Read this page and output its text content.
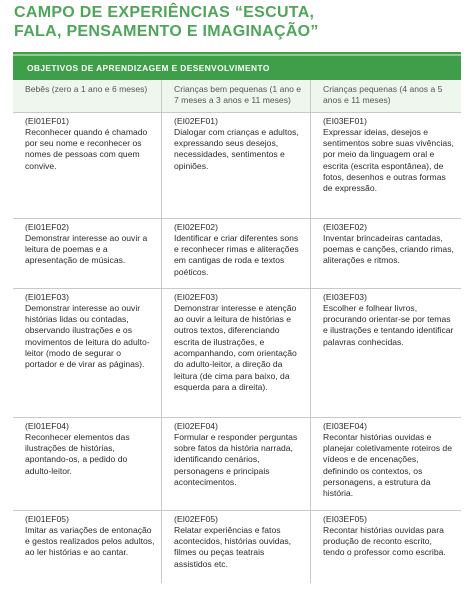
CAMPO DE EXPERIÊNCIAS “ESCUTA,
FALA, PENSAMENTO E IMAGINAÇÃO”
OBJETIVOS DE APRENDIZAGEM E DESENVOLVIMENTO
Bebês (zero a 1 ano e 6 meses)	Crianças bem pequenas (1 ano e 7 meses a 3 anos e 11 meses)
Crianças pequenas (4 anos a 5 anos e 11 meses)
(EI01EF01)
Reconhecer quando é chamado por seu nome e reconhecer os nomes de pessoas com quem convive.
(EI02EF01)
Dialogar com crianças e adultos, expressando seus desejos, necessidades, sentimentos e opiniões.
(EI03EF01)
Expressar ideias, desejos e sentimentos sobre suas vivências, por meio da linguagem oral e escrita (escrita espontânea), de fotos, desenhos e outras formas de expressão.
(EI01EF02)
Demonstrar interesse ao ouvir a leitura de poemas e a apresentação de músicas.
(EI02EF02)
Identificar e criar diferentes sons e reconhecer rimas e aliterações em cantigas de roda e textos poéticos.
(EI03EF02)
Inventar brincadeiras cantadas, poemas e canções, criando rimas, aliterações e ritmos.
(EI01EF03)
Demonstrar interesse ao ouvir histórias lidas ou contadas, observando ilustrações e os movimentos de leitura do adulto-leitor (modo de segurar o portador e de virar as páginas).
(EI02EF03)
Demonstrar interesse e atenção ao ouvir a leitura de histórias e outros textos, diferenciando escrita de ilustrações, e acompanhando, com orientação do adulto-leitor, a direção da leitura (de cima para baixo, da esquerda para a direita).
(EI03EF03)
Escolher e folhear livros, procurando orientar-se por temas e ilustrações e tentando identificar palavras conhecidas.
(EI01EF04)
Reconhecer elementos das ilustrações de histórias, apontando-os, a pedido do adulto-leitor.
(EI02EF04)
Formular e responder perguntas sobre fatos da história narrada, identificando cenários, personagens e principais acontecimentos.
(EI03EF04)
Recontar histórias ouvidas e planejar coletivamente roteiros de vídeos e de encenações, definindo os contextos, os personagens, a estrutura da história.
(EI01EF05)
Imitar as variações de entonação e gestos realizados pelos adultos, ao ler histórias e ao cantar.
(EI02EF05)
Relatar experiências e fatos acontecidos, histórias ouvidas, filmes ou peças teatrais assistidos etc.
(EI03EF05)
Recontar histórias ouvidas para produção de reconto escrito, tendo o professor como escriba.
